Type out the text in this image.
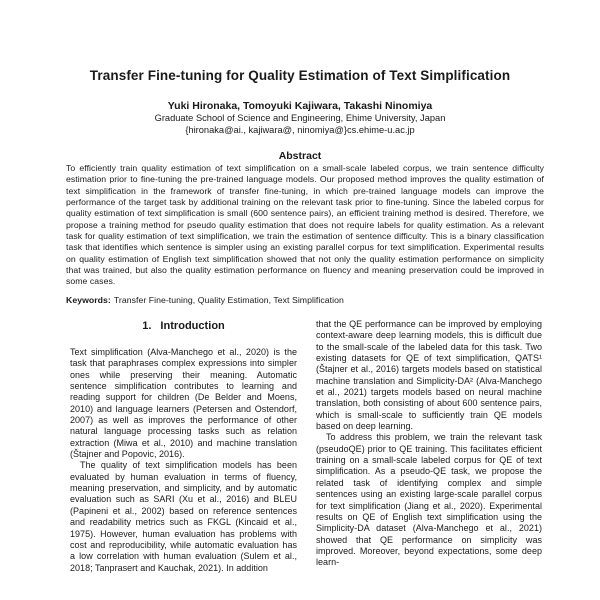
Transfer Fine-tuning for Quality Estimation of Text Simplification
Yuki Hironaka, Tomoyuki Kajiwara, Takashi Ninomiya
Graduate School of Science and Engineering, Ehime University, Japan
{hironaka@ai., kajiwara@, ninomiya@}cs.ehime-u.ac.jp
Abstract
To efficiently train quality estimation of text simplification on a small-scale labeled corpus, we train sentence difficulty estimation prior to fine-tuning the pre-trained language models. Our proposed method improves the quality estimation of text simplification in the framework of transfer fine-tuning, in which pre-trained language models can improve the performance of the target task by additional training on the relevant task prior to fine-tuning. Since the labeled corpus for quality estimation of text simplification is small (600 sentence pairs), an efficient training method is desired. Therefore, we propose a training method for pseudo quality estimation that does not require labels for quality estimation. As a relevant task for quality estimation of text simplification, we train the estimation of sentence difficulty. This is a binary classification task that identifies which sentence is simpler using an existing parallel corpus for text simplification. Experimental results on quality estimation of English text simplification showed that not only the quality estimation performance on simplicity that was trained, but also the quality estimation performance on fluency and meaning preservation could be improved in some cases.
Keywords: Transfer Fine-tuning, Quality Estimation, Text Simplification
1. Introduction

Text simplification (Alva-Manchego et al., 2020) is the task that paraphrases complex expressions into simpler ones while preserving their meaning. Automatic sentence simplification contributes to learning and reading support for children (De Belder and Moens, 2010) and language learners (Petersen and Ostendorf, 2007) as well as improves the performance of other natural language processing tasks such as relation extraction (Miwa et al., 2010) and machine translation (Štajner and Popovic, 2016).

The quality of text simplification models has been evaluated by human evaluation in terms of fluency, meaning preservation, and simplicity, and by automatic evaluation such as SARI (Xu et al., 2016) and BLEU (Papineni et al., 2002) based on reference sentences and readability metrics such as FKGL (Kincaid et al., 1975). However, human evaluation has problems with cost and reproducibility, while automatic evaluation has a low correlation with human evaluation (Sulem et al., 2018; Tanprasert and Kauchak, 2021). In addition

that the QE performance can be improved by employing context-aware deep learning models, this is difficult due to the small-scale of the labeled data for this task. Two existing datasets for QE of text simplification, QATS¹ (Štajner et al., 2016) targets models based on statistical machine translation and Simplicity-DA² (Alva-Manchego et al., 2021) targets models based on neural machine translation, both consisting of about 600 sentence pairs, which is small-scale to sufficiently train QE models based on deep learning.

To address this problem, we train the relevant task (pseudoQE) prior to QE training. This facilitates efficient training on a small-scale labeled corpus for QE of text simplification. As a pseudo-QE task, we propose the related task of identifying complex and simple sentences using an existing large-scale parallel corpus for text simplification (Jiang et al., 2020). Experimental results on QE of English text simplification using the Simplicity-DA dataset (Alva-Manchego et al., 2021) showed that QE performance on simplicity was improved. Moreover, beyond expectations, some deep learn-
